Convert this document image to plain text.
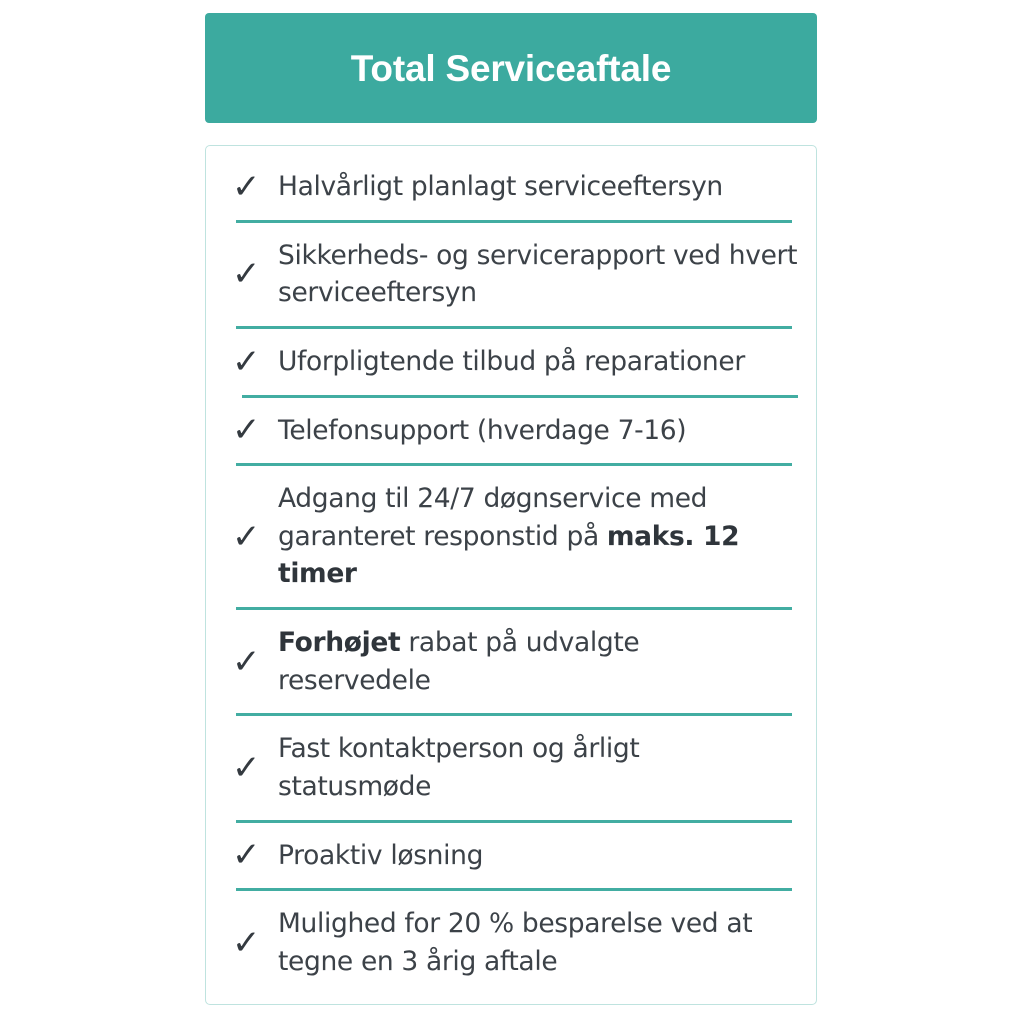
Total Serviceaftale
✓ Halvårligt planlagt serviceeftersyn
✓ Sikkerheds- og servicerapport ved hvert serviceeftersyn
✓ Uforpligtende tilbud på reparationer
✓ Telefonsupport (hverdage 7-16)
✓
Adgang til 24/7 døgnservice med garanteret responstid på maks. 12 timer
✓ Forhøjet rabat på udvalgte reservedele
✓ Fast kontaktperson og årligt statusmøde
✓ Proaktiv løsning
✓ Mulighed for 20 % besparelse ved at tegne en 3 årig aftale
